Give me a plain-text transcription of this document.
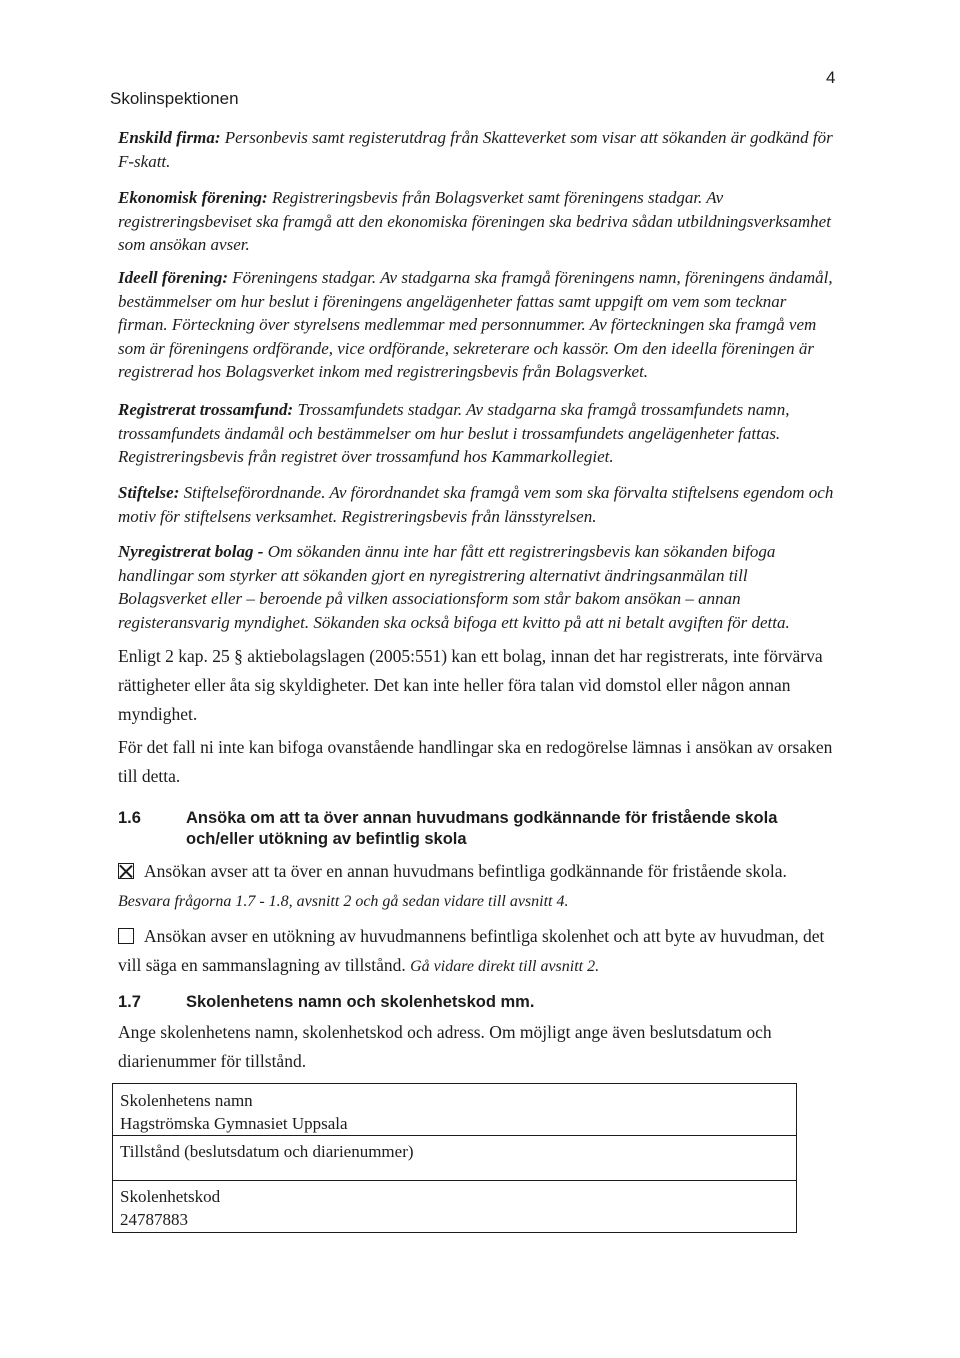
4
Skolinspektionen
Enskild firma: Personbevis samt registerutdrag från Skatteverket som visar att sökanden är godkänd för F-skatt.
Ekonomisk förening: Registreringsbevis från Bolagsverket samt föreningens stadgar. Av registreringsbeviset ska framgå att den ekonomiska föreningen ska bedriva sådan utbildningsverksamhet som ansökan avser.
Ideell förening: Föreningens stadgar. Av stadgarna ska framgå föreningens namn, föreningens ändamål, bestämmelser om hur beslut i föreningens angelägenheter fattas samt uppgift om vem som tecknar firman. Förteckning över styrelsens medlemmar med personnummer. Av förteckningen ska framgå vem som är föreningens ordförande, vice ordförande, sekreterare och kassör. Om den ideella föreningen är registrerad hos Bolagsverket inkom med registreringsbevis från Bolagsverket.
Registrerat trossamfund: Trossamfundets stadgar. Av stadgarna ska framgå trossamfundets namn, trossamfundets ändamål och bestämmelser om hur beslut i trossamfundets angelägenheter fattas. Registreringsbevis från registret över trossamfund hos Kammarkollegiet.
Stiftelse: Stiftelseförordnande. Av förordnandet ska framgå vem som ska förvalta stiftelsens egendom och motiv för stiftelsens verksamhet. Registreringsbevis från länsstyrelsen.
Nyregistrerat bolag - Om sökanden ännu inte har fått ett registreringsbevis kan sökanden bifoga handlingar som styrker att sökanden gjort en nyregistrering alternativt ändringsanmälan till Bolagsverket eller – beroende på vilken associationsform som står bakom ansökan – annan registeransvarig myndighet. Sökanden ska också bifoga ett kvitto på att ni betalt avgiften för detta.
Enligt 2 kap. 25 § aktiebolagslagen (2005:551) kan ett bolag, innan det har registrerats, inte förvärva rättigheter eller åta sig skyldigheter. Det kan inte heller föra talan vid domstol eller någon annan myndighet.
För det fall ni inte kan bifoga ovanstående handlingar ska en redogörelse lämnas i ansökan av orsaken till detta.
1.6	Ansöka om att ta över annan huvudmans godkännande för fristående skola och/eller utökning av befintlig skola
Ansökan avser att ta över en annan huvudmans befintliga godkännande för fristående skola. Besvara frågorna 1.7 - 1.8, avsnitt 2 och gå sedan vidare till avsnitt 4.
Ansökan avser en utökning av huvudmannens befintliga skolenhet och att byte av huvudman, det vill säga en sammanslagning av tillstånd. Gå vidare direkt till avsnitt 2.
1.7	Skolenhetens namn och skolenhetskod mm.
Ange skolenhetens namn, skolenhetskod och adress. Om möjligt ange även beslutsdatum och diarienummer för tillstånd.
Skolenhetens namn
Hagströmska Gymnasiet Uppsala
Tillstånd (beslutsdatum och diarienummer)
Skolenhetskod
24787883
